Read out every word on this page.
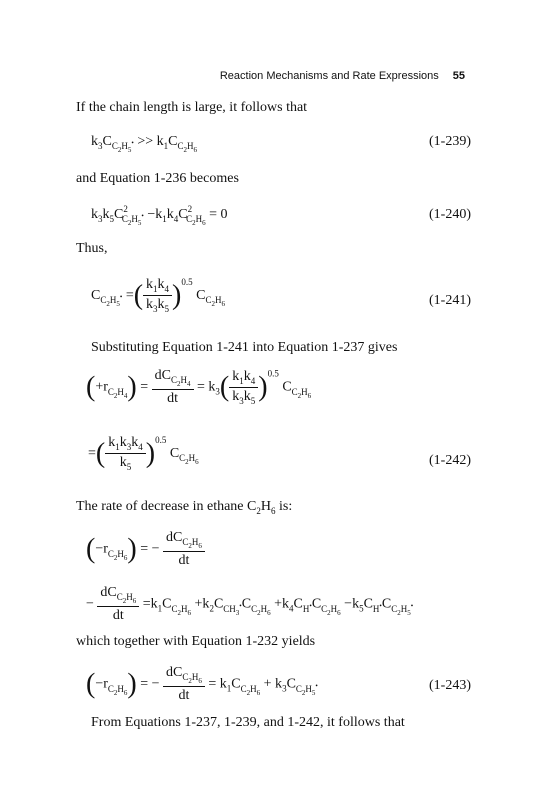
Reaction Mechanisms and Rate Expressions 55
If the chain length is large, it follows that
$k_3C_{C_2H_5^•} >> k_1C_{C_2H_6}$
(1-239)
and Equation 1-236 becomes
$k_3k_5C^2_{C_2H_5^•} -k_1k_4C^2_{C_2H_6} = 0$	(1-240)
Thus,
$C_{C_2H_5^•}$ =( $\frac{k_1k_4}{k_3k_5} )^{0.5}$ $C_{C_2H_6}$	(1-241)
Substituting Equation 1-241 into Equation 1-237 gives
$(+r_{C_2H_4}) = \frac{dC_{C_2H_4}}{dt} = k_3( \frac{k_1k_4}{k_3k_5} )^{0.5}$ $C_{C_2H_6}$
=( $\frac{k_1k_3k_4}{k_5} )^{0.5}$ $C_{C_2H_6}$	(1-242)
The rate of decrease in ethane $C_2H_6$ is:
$(-r_{C_2H_6})$ = − $\frac{dC_{C_2H_6}}{dt}$
− $\frac{dC_{C_2H_6}}{dt} =k_1C_{C_2H_6} +k_2C_{CH_3^•}C_{C_2H_6} +k_4C_{H^•}C_{C_2H_6} -k_5C_{H^•}C_{C_2H_5^•}$
which together with Equation 1-232 yields
$(-r_{C_2H_6})$ = − $\frac{dC_{C_2H_6}}{dt} = k_1C_{C_2H_6} + k_3C_{C_2H_5^•}$	(1-243)
From Equations 1-237, 1-239, and 1-242, it follows that
